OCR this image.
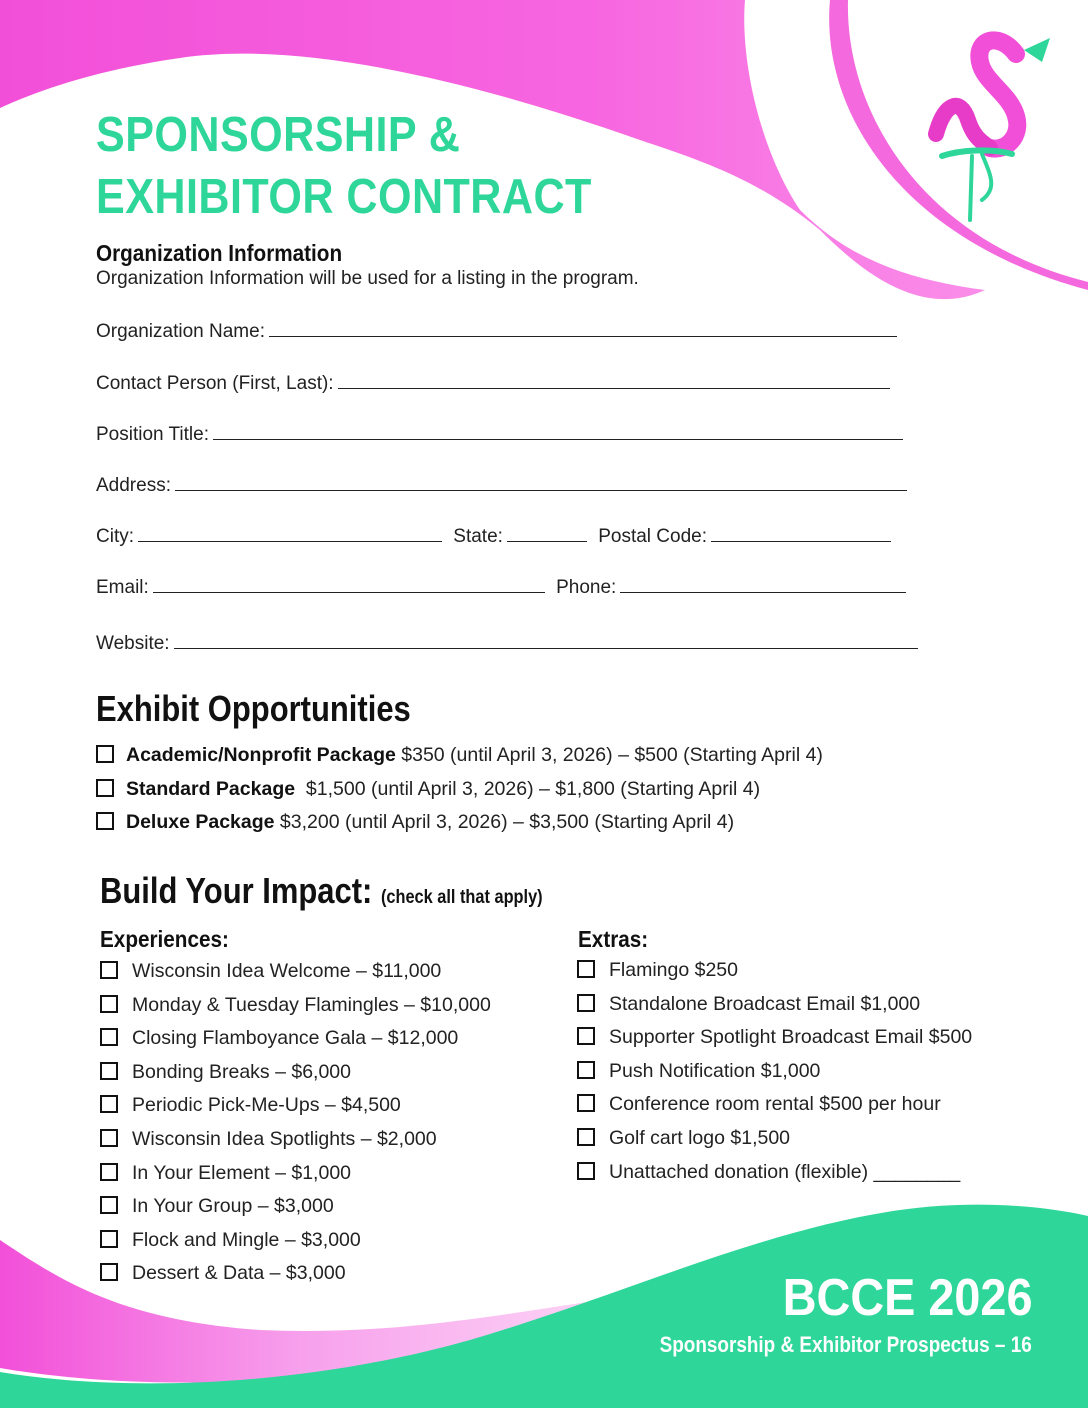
SPONSORSHIP &
EXHIBITOR CONTRACT
Organization Information
Organization Information will be used for a listing in the program.
Organization Name:
Contact Person (First, Last):
Position Title:
Address:
City:	State:	Postal Code:
Email:	Phone:
Website:
Exhibit Opportunities
Academic/Nonprofit Package $350 (until April 3, 2026) – $500 (Starting April 4)
Standard Package  $1,500 (until April 3, 2026) – $1,800 (Starting April 4)
Deluxe Package $3,200 (until April 3, 2026) – $3,500 (Starting April 4)
Build Your Impact: (check all that apply)
Experiences:
Wisconsin Idea Welcome – $11,000
Monday & Tuesday Flamingles – $10,000
Closing Flamboyance Gala – $12,000
Bonding Breaks – $6,000
Periodic Pick-Me-Ups – $4,500
Wisconsin Idea Spotlights – $2,000
In Your Element – $1,000
In Your Group – $3,000
Flock and Mingle – $3,000
Dessert & Data – $3,000
Extras:
Flamingo $250
Standalone Broadcast Email $1,000
Supporter Spotlight Broadcast Email $500
Push Notification $1,000
Conference room rental $500 per hour
Golf cart logo $1,500
Unattached donation (flexible) ________
BCCE 2026
Sponsorship & Exhibitor Prospectus – 16
